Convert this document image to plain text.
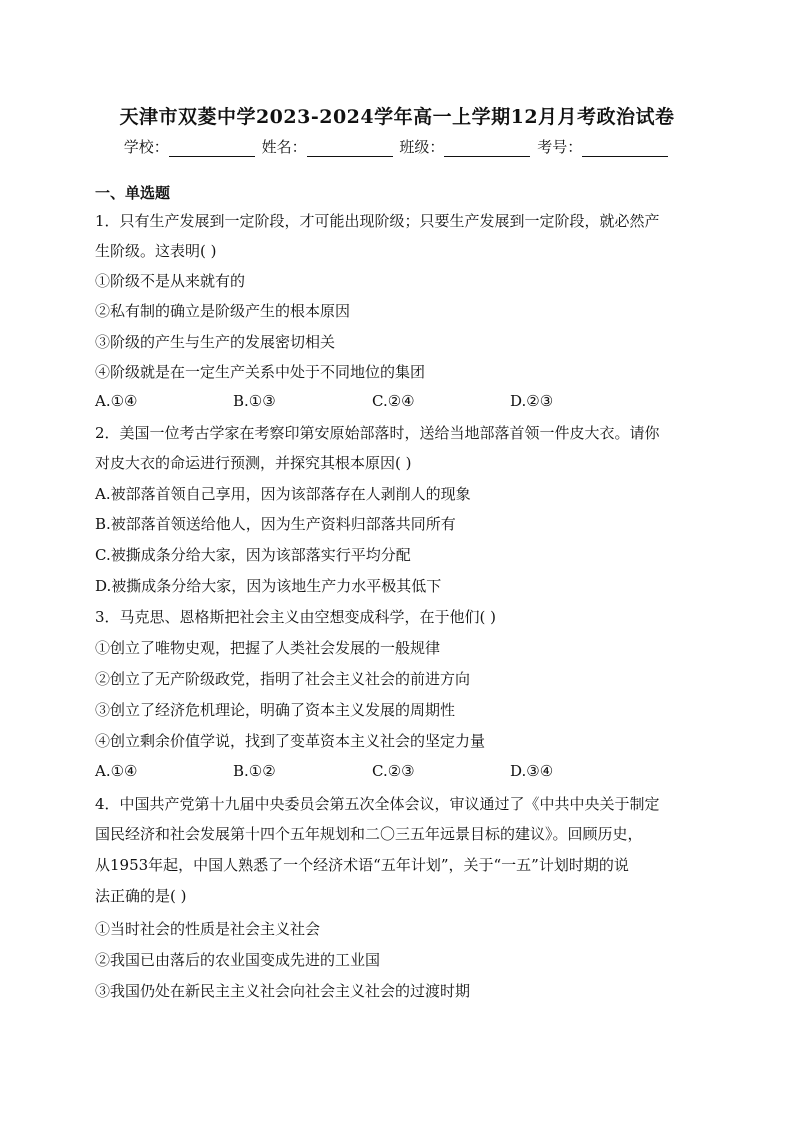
天津市双菱中学2023-2024学年高一上学期12月月考政治试卷
学校：	姓名：	班级：	考号：
一、单选题
1．只有生产发展到一定阶段，才可能出现阶级；只要生产发展到一定阶段，就必然产
生阶级。这表明( )
①阶级不是从来就有的
②私有制的确立是阶级产生的根本原因
③阶级的产生与生产的发展密切相关
④阶级就是在一定生产关系中处于不同地位的集团
A.①④	B.①③	C.②④	D.②③
2．美国一位考古学家在考察印第安原始部落时，送给当地部落首领一件皮大衣。请你
对皮大衣的命运进行预测，并探究其根本原因( )
A.被部落首领自己享用，因为该部落存在人剥削人的现象
B.被部落首领送给他人，因为生产资料归部落共同所有
C.被撕成条分给大家，因为该部落实行平均分配
D.被撕成条分给大家，因为该地生产力水平极其低下
3．马克思、恩格斯把社会主义由空想变成科学，在于他们( )
①创立了唯物史观，把握了人类社会发展的一般规律
②创立了无产阶级政党，指明了社会主义社会的前进方向
③创立了经济危机理论，明确了资本主义发展的周期性
④创立剩余价值学说，找到了变革资本主义社会的坚定力量
A.①④	B.①②	C.②③	D.③④
4．中国共产党第十九届中央委员会第五次全体会议，审议通过了《中共中央关于制定
国民经济和社会发展第十四个五年规划和二〇三五年远景目标的建议》。回顾历史，
从1953年起，中国人熟悉了一个经济术语“五年计划”，关于“一五”计划时期的说
法正确的是( )
①当时社会的性质是社会主义社会
②我国已由落后的农业国变成先进的工业国
③我国仍处在新民主主义社会向社会主义社会的过渡时期
